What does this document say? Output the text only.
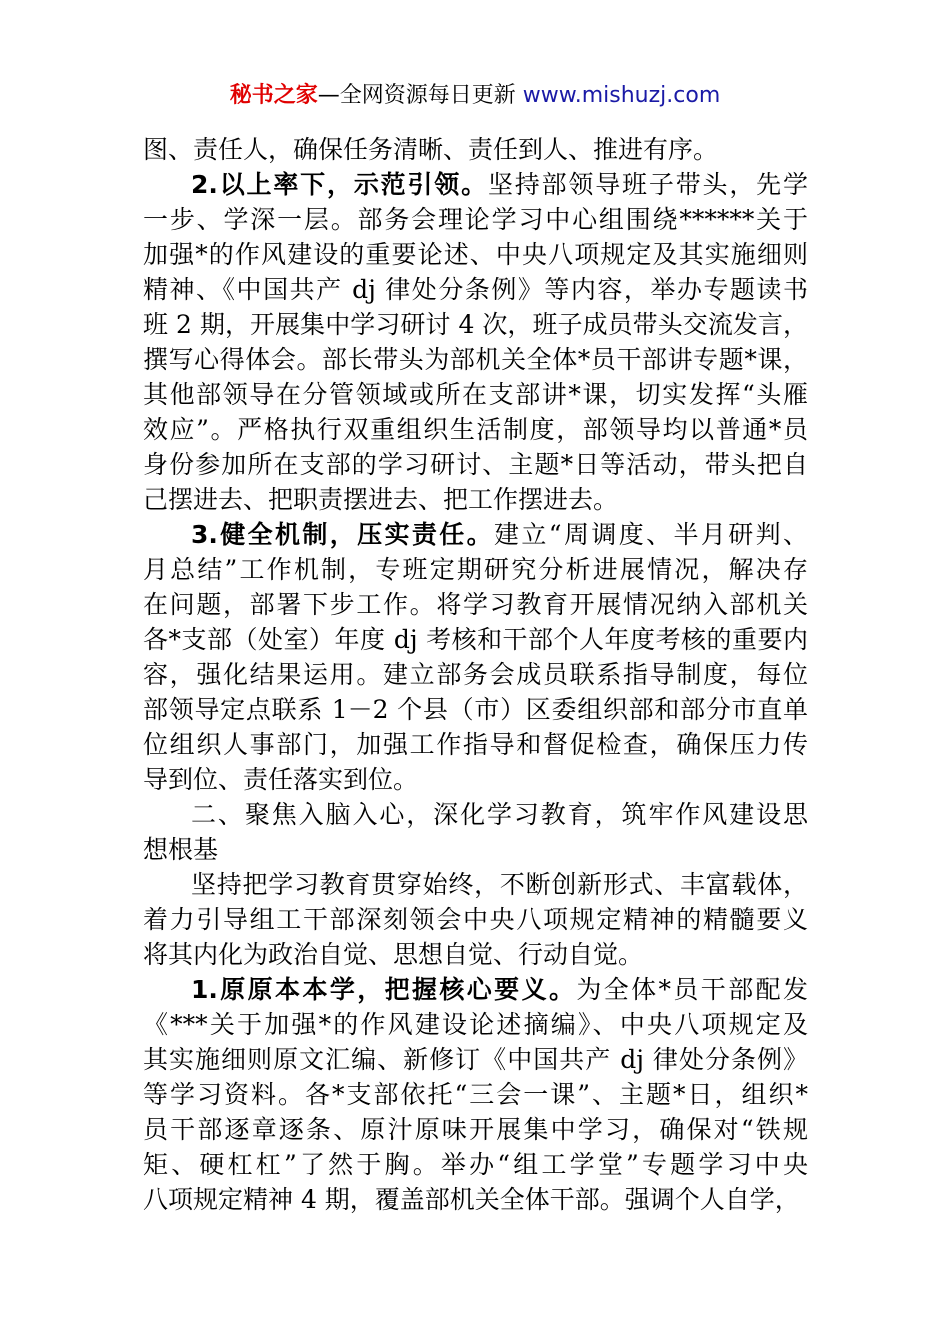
秘书之家—全网资源每日更新 www.mishuzj.com
图、责任人，确保任务清晰、责任到人、推进有序。
2.以上率下，示范引领。坚持部领导班子带头，先学
一步、学深一层。部务会理论学习中心组围绕******关于
加强*的作风建设的重要论述、中央八项规定及其实施细则
精神、《中国共产 dj 律处分条例》等内容，举办专题读书
班 2 期，开展集中学习研讨 4 次，班子成员带头交流发言，
撰写心得体会。部长带头为部机关全体*员干部讲专题*课，
其他部领导在分管领域或所在支部讲*课，切实发挥“头雁
效应”。严格执行双重组织生活制度，部领导均以普通*员
身份参加所在支部的学习研讨、主题*日等活动，带头把自
己摆进去、把职责摆进去、把工作摆进去。
3.健全机制，压实责任。建立“周调度、半月研判、
月总结”工作机制，专班定期研究分析进展情况，解决存
在问题，部署下步工作。将学习教育开展情况纳入部机关
各*支部（处室）年度 dj 考核和干部个人年度考核的重要内
容，强化结果运用。建立部务会成员联系指导制度，每位
部领导定点联系 1－2 个县（市）区委组织部和部分市直单
位组织人事部门，加强工作指导和督促检查，确保压力传
导到位、责任落实到位。
二、聚焦入脑入心，深化学习教育，筑牢作风建设思
想根基
坚持把学习教育贯穿始终，不断创新形式、丰富载体，
着力引导组工干部深刻领会中央八项规定精神的精髓要义
将其内化为政治自觉、思想自觉、行动自觉。
1.原原本本学，把握核心要义。为全体*员干部配发
《***关于加强*的作风建设论述摘编》、中央八项规定及
其实施细则原文汇编、新修订《中国共产 dj 律处分条例》
等学习资料。各*支部依托“三会一课”、主题*日，组织*
员干部逐章逐条、原汁原味开展集中学习，确保对“铁规
矩、硬杠杠”了然于胸。举办“组工学堂”专题学习中央
八项规定精神 4 期，覆盖部机关全体干部。强调个人自学，
